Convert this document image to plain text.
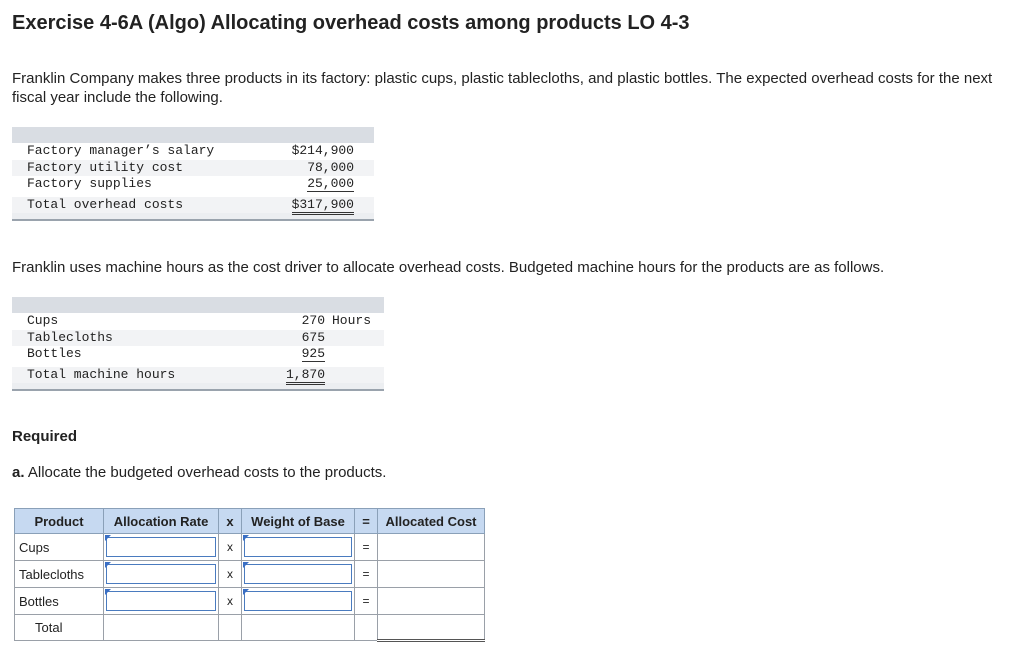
Exercise 4-6A (Algo) Allocating overhead costs among products LO 4-3

Franklin Company makes three products in its factory: plastic cups, plastic tablecloths, and plastic bottles. The expected overhead costs for the next fiscal year include the following.

Factory manager’s salary	$214,900
Factory utility cost	78,000
Factory supplies	25,000

Total overhead costs	$317,900

Franklin uses machine hours as the cost driver to allocate overhead costs. Budgeted machine hours for the products are as follows.

Cups	270	Hours
Tablecloths	675	
Bottles	925	

Total machine hours	1,870	

Required

a. Allocate the budgeted overhead costs to the products.

Product	Allocation Rate	x	Weight of Base	=	Allocated Cost
Cups		x		=	
Tablecloths		x		=	
Bottles		x		=	
Total					
